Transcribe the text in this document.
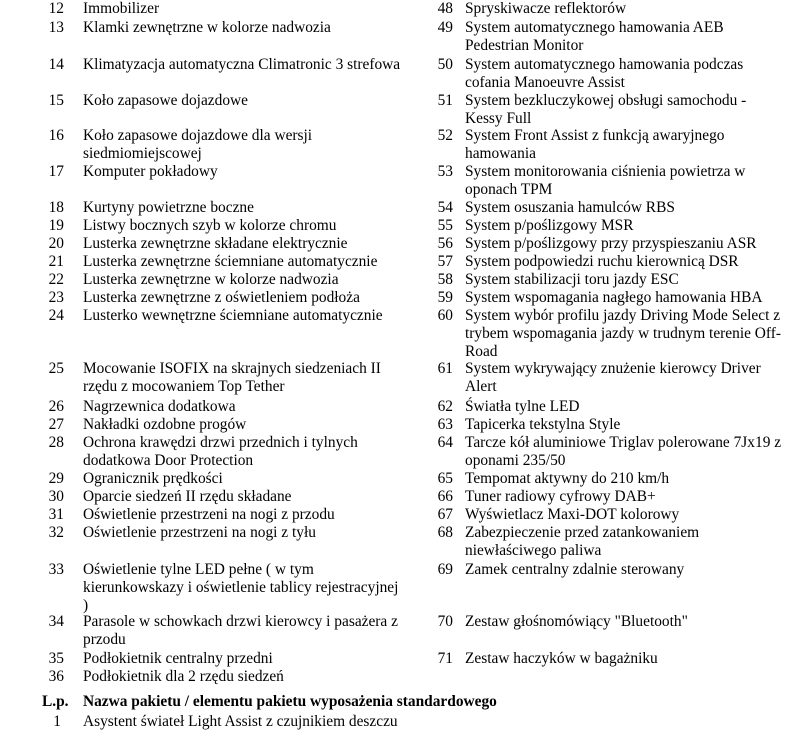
12 Immobilizer
13 Klamki zewnętrzne w kolorze nadwozia
14 Klimatyzacja automatyczna Climatronic 3 strefowa
15 Koło zapasowe dojazdowe
16 Koło zapasowe dojazdowe dla wersji siedmiomiejscowej
17 Komputer pokładowy
18 Kurtyny powietrzne boczne
19 Listwy bocznych szyb w kolorze chromu
20 Lusterka zewnętrzne składane elektrycznie
21 Lusterka zewnętrzne ściemniane automatycznie
22 Lusterka zewnętrzne w kolorze nadwozia
23 Lusterka zewnętrzne z oświetleniem podłoża
24 Lusterko wewnętrzne ściemniane automatycznie
25 Mocowanie ISOFIX na skrajnych siedzeniach II rzędu z mocowaniem Top Tether
26 Nagrzewnica dodatkowa
27 Nakładki ozdobne progów
28 Ochrona krawędzi drzwi przednich i tylnych dodatkowa Door Protection
29 Ogranicznik prędkości
30 Oparcie siedzeń II rzędu składane
31 Oświetlenie przestrzeni na nogi z przodu
32 Oświetlenie przestrzeni na nogi z tyłu
33 Oświetlenie tylne LED pełne ( w tym kierunkowskazy i oświetlenie tablicy rejestracyjnej )
34 Parasole w schowkach drzwi kierowcy i pasażera z przodu
35 Podłokietnik centralny przedni
36 Podłokietnik dla 2 rzędu siedzeń
48 Spryskiwacze reflektorów
49 System automatycznego hamowania AEB Pedestrian Monitor
50 System automatycznego hamowania podczas cofania Manoeuvre Assist
51 System bezkluczykowej obsługi samochodu - Kessy Full
52 System Front Assist z funkcją awaryjnego hamowania
53 System monitorowania ciśnienia powietrza w oponach TPM
54 System osuszania hamulców RBS
55 System p/poślizgowy MSR
56 System p/poślizgowy przy przyspieszaniu ASR
57 System podpowiedzi ruchu kierownicą DSR
58 System stabilizacji toru jazdy ESC
59 System wspomagania nagłego hamowania HBA
60 System wybór profilu jazdy Driving Mode Select z trybem wspomagania jazdy w trudnym terenie Off-Road
61 System wykrywający znużenie kierowcy Driver Alert
62 Światła tylne LED
63 Tapicerka tekstylna Style
64 Tarcze kół aluminiowe Triglav polerowane 7Jx19 z oponami 235/50
65 Tempomat aktywny do 210 km/h
66 Tuner radiowy cyfrowy DAB+
67 Wyświetlacz Maxi-DOT kolorowy
68 Zabezpieczenie przed zatankowaniem niewłaściwego paliwa
69 Zamek centralny zdalnie sterowany
70 Zestaw głośnomówiący "Bluetooth"
71 Zestaw haczyków w bagażniku
L.p. Nazwa pakietu / elementu pakietu wyposażenia standardowego
1 Asystent świateł Light Assist z czujnikiem deszczu
